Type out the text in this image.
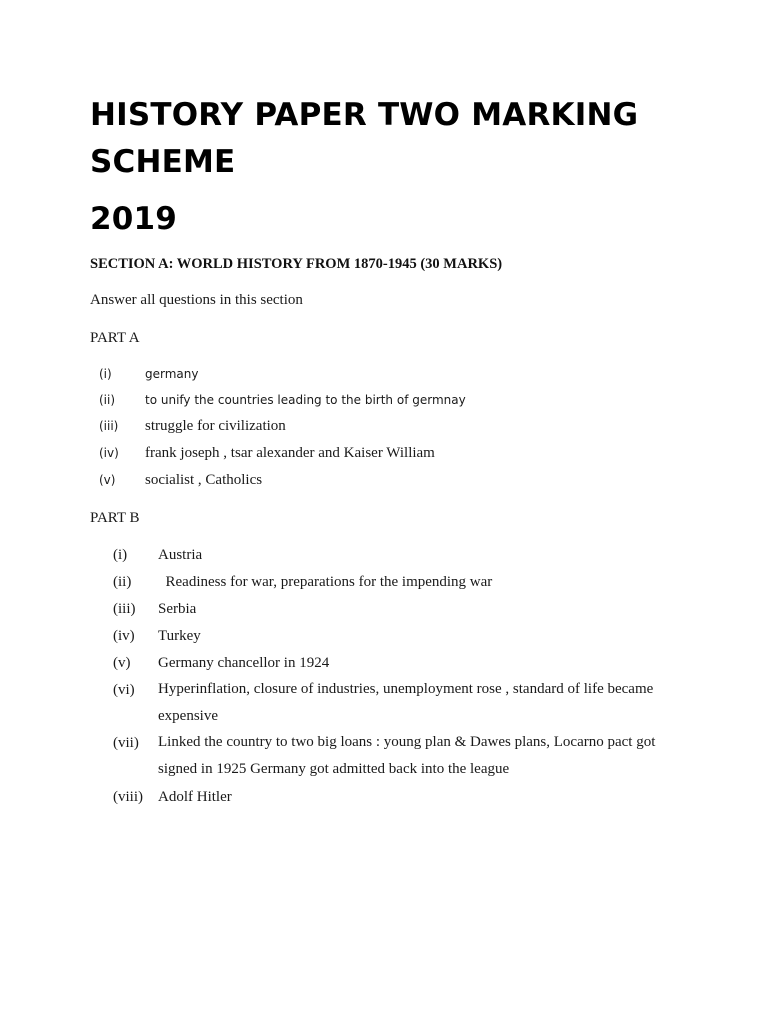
HISTORY PAPER TWO MARKING
SCHEME
2019
SECTION A: WORLD HISTORY FROM 1870-1945 (30 MARKS)
Answer all questions in this section
PART A
(i)	germany
(ii) to unify the countries leading to the birth of germnay
(iii) struggle for civilization
(iv) frank joseph , tsar alexander and Kaiser William
(v) socialist , Catholics
PART B
(i) Austria
(ii) Readiness for war, preparations for the impending war
(iii) Serbia
(iv) Turkey
(v) Germany chancellor in 1924
(vi) Hyperinflation, closure of industries, unemployment rose , standard of life became expensive
(vii) Linked the country to two big loans : young plan & Dawes plans, Locarno pact got signed in 1925 Germany got admitted back into the league
(viii) Adolf Hitler
